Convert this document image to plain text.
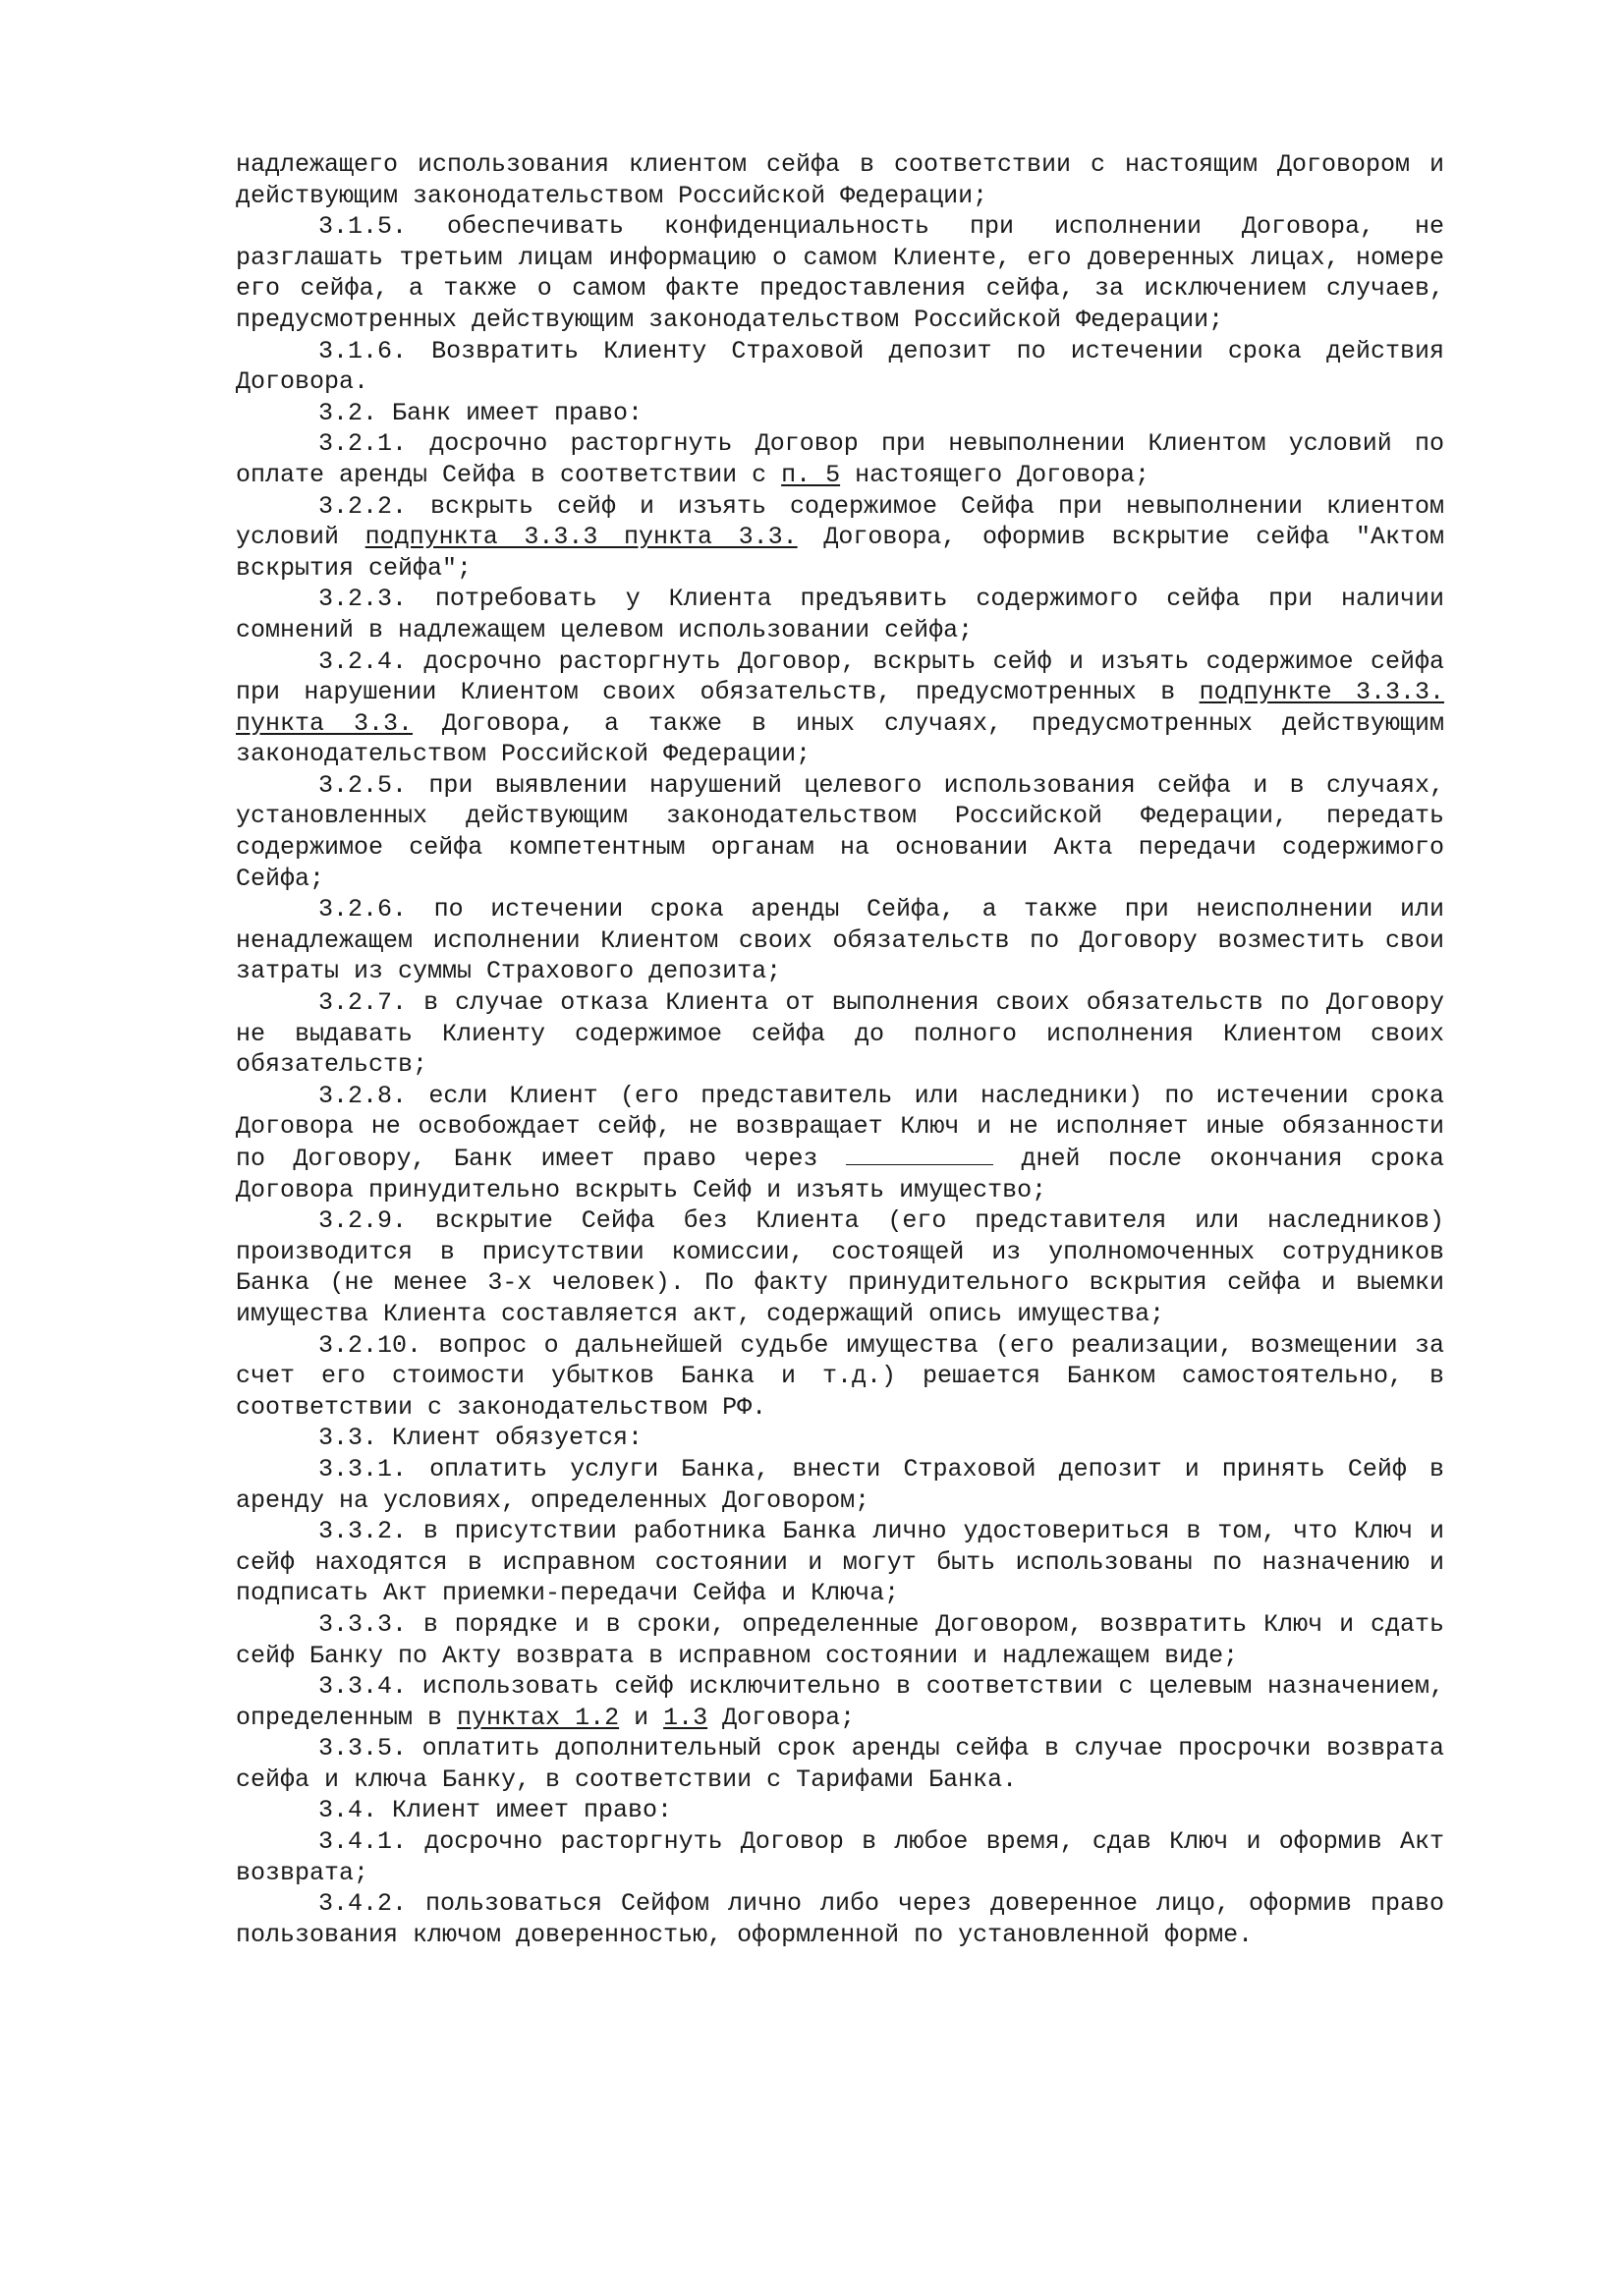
надлежащего использования клиентом сейфа в соответствии с настоящим Договором и действующим законодательством Российской Федерации;

3.1.5. обеспечивать конфиденциальность при исполнении Договора, не разглашать третьим лицам информацию о самом Клиенте, его доверенных лицах, номере его сейфа, а также о самом факте предоставления сейфа, за исключением случаев, предусмотренных действующим законодательством Российской Федерации;

3.1.6. Возвратить Клиенту Страховой депозит по истечении срока действия Договора.

3.2. Банк имеет право:

3.2.1. досрочно расторгнуть Договор при невыполнении Клиентом условий по оплате аренды Сейфа в соответствии с п. 5 настоящего Договора;

3.2.2. вскрыть сейф и изъять содержимое Сейфа при невыполнении клиентом условий подпункта 3.3.3 пункта 3.3. Договора, оформив вскрытие сейфа "Актом вскрытия сейфа";

3.2.3. потребовать у Клиента предъявить содержимого сейфа при наличии сомнений в надлежащем целевом использовании сейфа;

3.2.4. досрочно расторгнуть Договор, вскрыть сейф и изъять содержимое сейфа при нарушении Клиентом своих обязательств, предусмотренных в подпункте 3.3.3. пункта 3.3. Договора, а также в иных случаях, предусмотренных действующим законодательством Российской Федерации;

3.2.5. при выявлении нарушений целевого использования сейфа и в случаях, установленных действующим законодательством Российской Федерации, передать содержимое сейфа компетентным органам на основании Акта передачи содержимого Сейфа;

3.2.6. по истечении срока аренды Сейфа, а также при неисполнении или ненадлежащем исполнении Клиентом своих обязательств по Договору возместить свои затраты из суммы Страхового депозита;

3.2.7. в случае отказа Клиента от выполнения своих обязательств по Договору не выдавать Клиенту содержимое сейфа до полного исполнения Клиентом своих обязательств;

3.2.8. если Клиент (его представитель или наследники) по истечении срока Договора не освобождает сейф, не возвращает Ключ и не исполняет иные обязанности по Договору, Банк имеет право через	дней после окончания срока Договора принудительно вскрыть Сейф и изъять имущество;

3.2.9. вскрытие Сейфа без Клиента (его представителя или наследников) производится в присутствии комиссии, состоящей из уполномоченных сотрудников Банка (не менее 3-х человек). По факту принудительного вскрытия сейфа и выемки имущества Клиента составляется акт, содержащий опись имущества;

3.2.10. вопрос о дальнейшей судьбе имущества (его реализации, возмещении за счет его стоимости убытков Банка и т.д.) решается Банком самостоятельно, в соответствии с законодательством РФ.

3.3. Клиент обязуется:

3.3.1. оплатить услуги Банка, внести Страховой депозит и принять Сейф в аренду на условиях, определенных Договором;

3.3.2. в присутствии работника Банка лично удостовериться в том, что Ключ и сейф находятся в исправном состоянии и могут быть использованы по назначению и подписать Акт приемки-передачи Сейфа и Ключа;

3.3.3. в порядке и в сроки, определенные Договором, возвратить Ключ и сдать сейф Банку по Акту возврата в исправном состоянии и надлежащем виде;

3.3.4. использовать сейф исключительно в соответствии с целевым назначением, определенным в пунктах 1.2 и 1.3 Договора;

3.3.5. оплатить дополнительный срок аренды сейфа в случае просрочки возврата сейфа и ключа Банку, в соответствии с Тарифами Банка.

3.4. Клиент имеет право:

3.4.1. досрочно расторгнуть Договор в любое время, сдав Ключ и оформив Акт возврата;

3.4.2. пользоваться Сейфом лично либо через доверенное лицо, оформив право пользования ключом доверенностью, оформленной по установленной форме.
